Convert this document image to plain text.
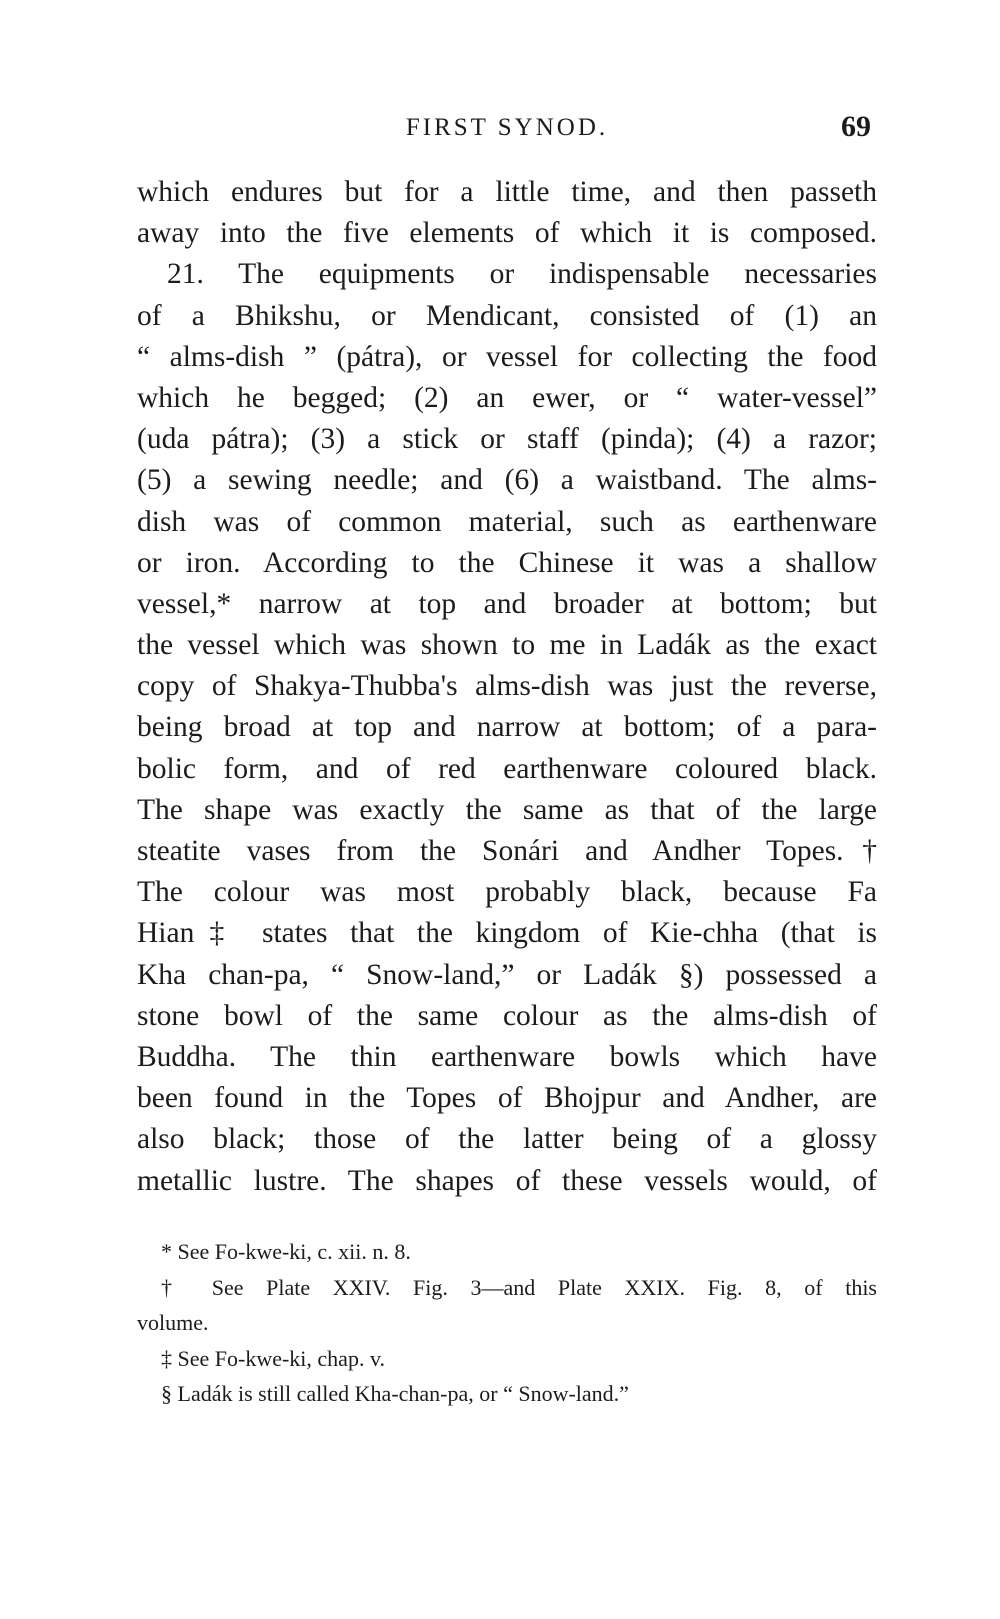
FIRST SYNOD.	69
which endures but for a little time, and then passeth
away into the five elements of which it is composed.
21. The equipments or indispensable necessaries
of a Bhikshu, or Mendicant, consisted of (1) an
“ alms-dish ” (pátra), or vessel for collecting the food
which he begged; (2) an ewer, or “ water-vessel”
(uda pátra); (3) a stick or staff (pinda); (4) a razor;
(5) a sewing needle; and (6) a waistband. The alms-
dish was of common material, such as earthenware
or iron. According to the Chinese it was a shallow
vessel,* narrow at top and broader at bottom; but
the vessel which was shown to me in Ladák as the exact
copy of Shakya-Thubba's alms-dish was just the reverse,
being broad at top and narrow at bottom; of a para-
bolic form, and of red earthenware coloured black.
The shape was exactly the same as that of the large
steatite vases from the Sonári and Andher Topes.†
The colour was most probably black, because Fa
Hian‡ states that the kingdom of Kie-chha (that is
Kha chan-pa, “ Snow-land,” or Ladák §) possessed a
stone bowl of the same colour as the alms-dish of
Buddha. The thin earthenware bowls which have
been found in the Topes of Bhojpur and Andher, are
also black; those of the latter being of a glossy
metallic lustre. The shapes of these vessels would, of
* See Fo-kwe-ki, c. xii. n. 8.
† See Plate XXIV. Fig. 3—and Plate XXIX. Fig. 8, of this
volume.
‡ See Fo-kwe-ki, chap. v.
§ Ladák is still called Kha-chan-pa, or “ Snow-land.”
